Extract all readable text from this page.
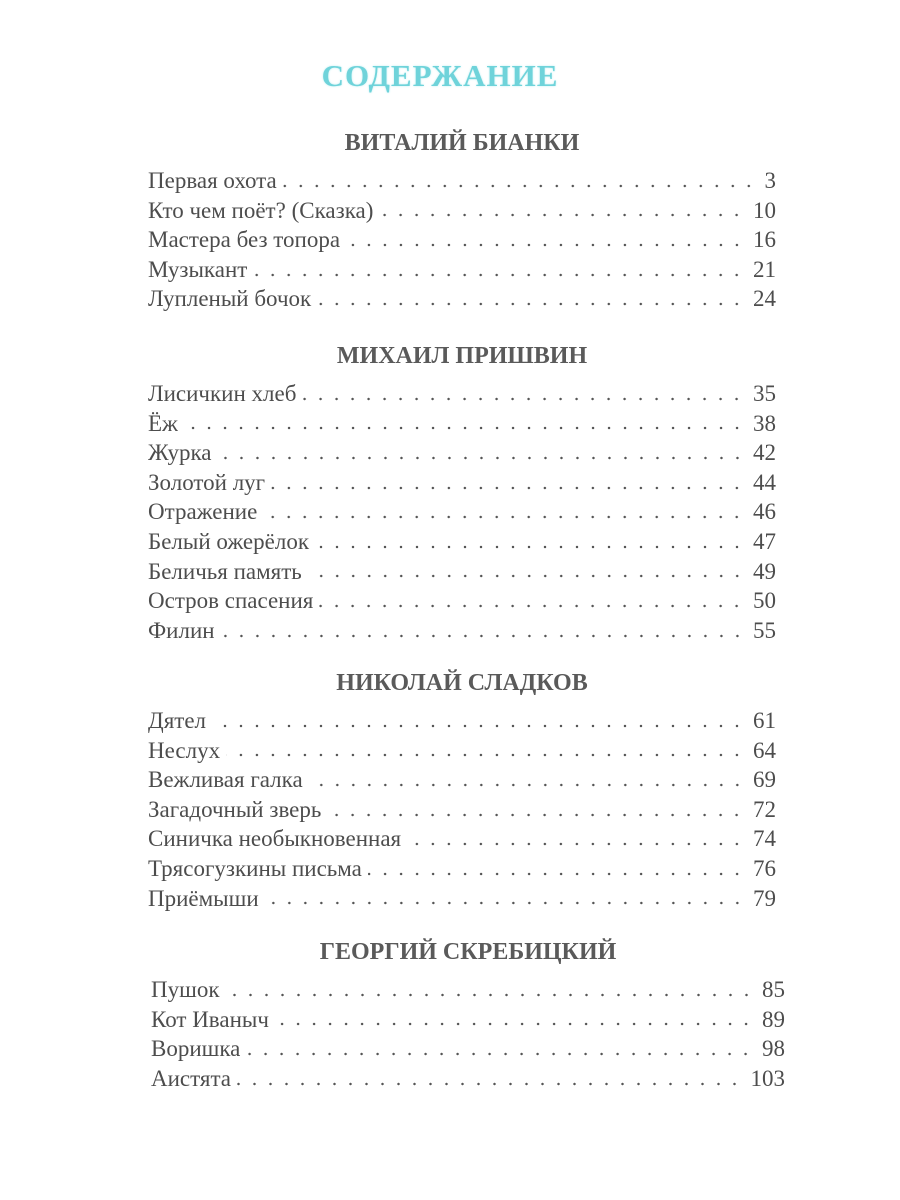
СОДЕРЖАНИЕ
ВИТАЛИЙ БИАНКИ
Первая охота	3
Кто чем поёт? (Сказка)	10
Мастера без топора	16
Музыкант	21
Лупленый бочок	24
МИХАИЛ ПРИШВИН
Лисичкин хлеб	35
Ёж	38
Журка	42
Золотой луг	44
Отражение	46
Белый ожерёлок	47
Беличья память	49
Остров спасения	50
Филин	55
НИКОЛАЙ СЛАДКОВ
Дятел	61
Неслух	64
Вежливая галка	69
Загадочный зверь	72
Синичка необыкновенная	74
Трясогузкины письма	76
Приёмыши	79
ГЕОРГИЙ СКРЕБИЦКИЙ
Пушок	85
Кот Иваныч	89
Воришка	98
Аистята	103
